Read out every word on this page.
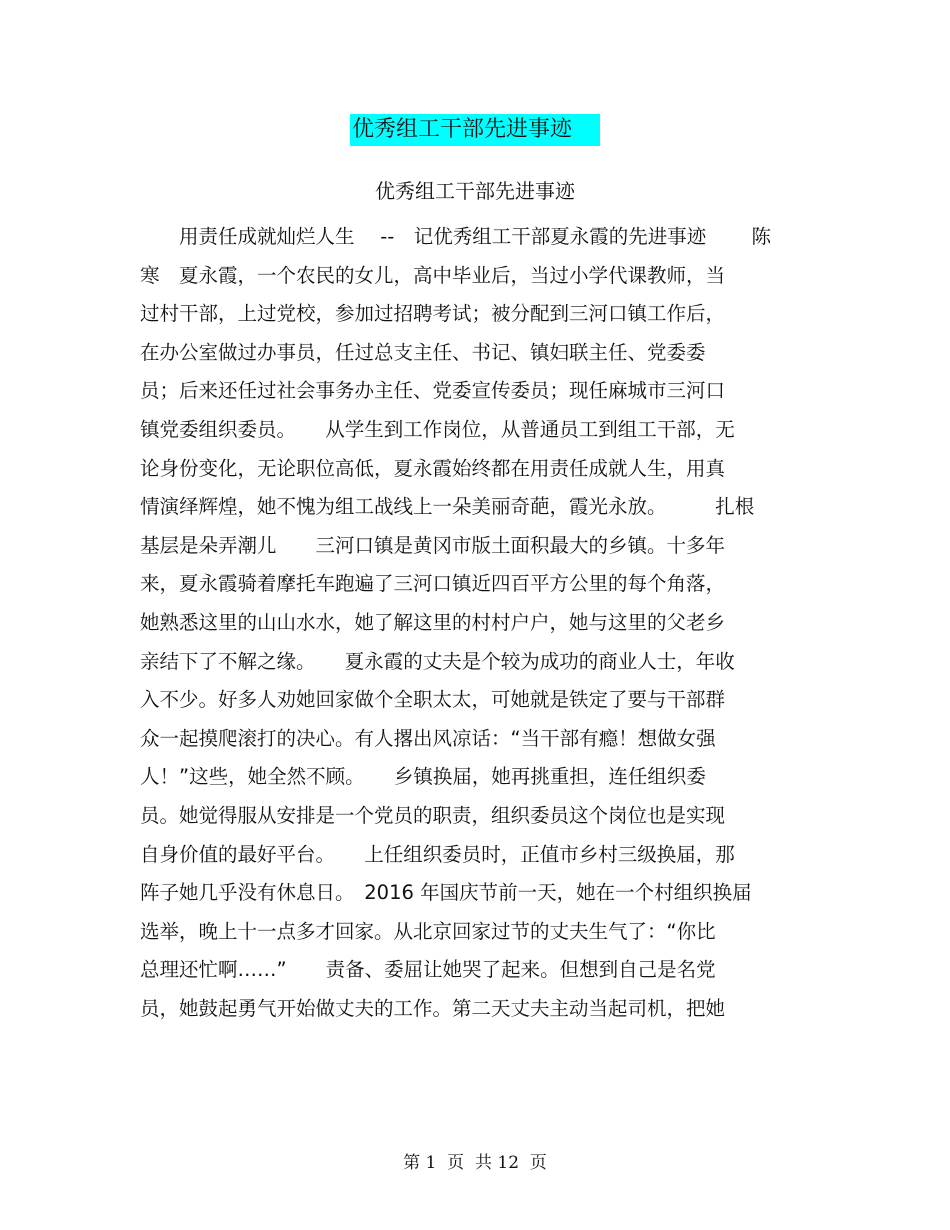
优秀组工干部先进事迹
优秀组工干部先进事迹
　　用责任成就灿烂人生　 --　记优秀组工干部夏永霞的先进事迹　　 陈
寒　夏永霞，一个农民的女儿，高中毕业后，当过小学代课教师，当
过村干部，上过党校，参加过招聘考试；被分配到三河口镇工作后，
在办公室做过办事员，任过总支主任、书记、镇妇联主任、党委委
员；后来还任过社会事务办主任、党委宣传委员；现任麻城市三河口
镇党委组织委员。　　从学生到工作岗位，从普通员工到组工干部，无
论身份变化，无论职位高低，夏永霞始终都在用责任成就人生，用真
情演绎辉煌，她不愧为组工战线上一朵美丽奇葩，霞光永放。　　　扎根
基层是朵弄潮儿　　三河口镇是黄冈市版土面积最大的乡镇。十多年
来，夏永霞骑着摩托车跑遍了三河口镇近四百平方公里的每个角落，
她熟悉这里的山山水水，她了解这里的村村户户，她与这里的父老乡
亲结下了不解之缘。　　夏永霞的丈夫是个较为成功的商业人士，年收
入不少。好多人劝她回家做个全职太太，可她就是铁定了要与干部群
众一起摸爬滚打的决心。有人撂出风凉话：“当干部有瘾！想做女强
人！”这些，她全然不顾。　　乡镇换届，她再挑重担，连任组织委
员。她觉得服从安排是一个党员的职责，组织委员这个岗位也是实现
自身价值的最好平台。　　上任组织委员时，正值市乡村三级换届，那
阵子她几乎没有休息日。　2016 年国庆节前一天，她在一个村组织换届
选举，晚上十一点多才回家。从北京回家过节的丈夫生气了：“你比
总理还忙啊……”　　责备、委屈让她哭了起来。但想到自己是名党
员，她鼓起勇气开始做丈夫的工作。第二天丈夫主动当起司机，把她
第 1  页  共 12  页
